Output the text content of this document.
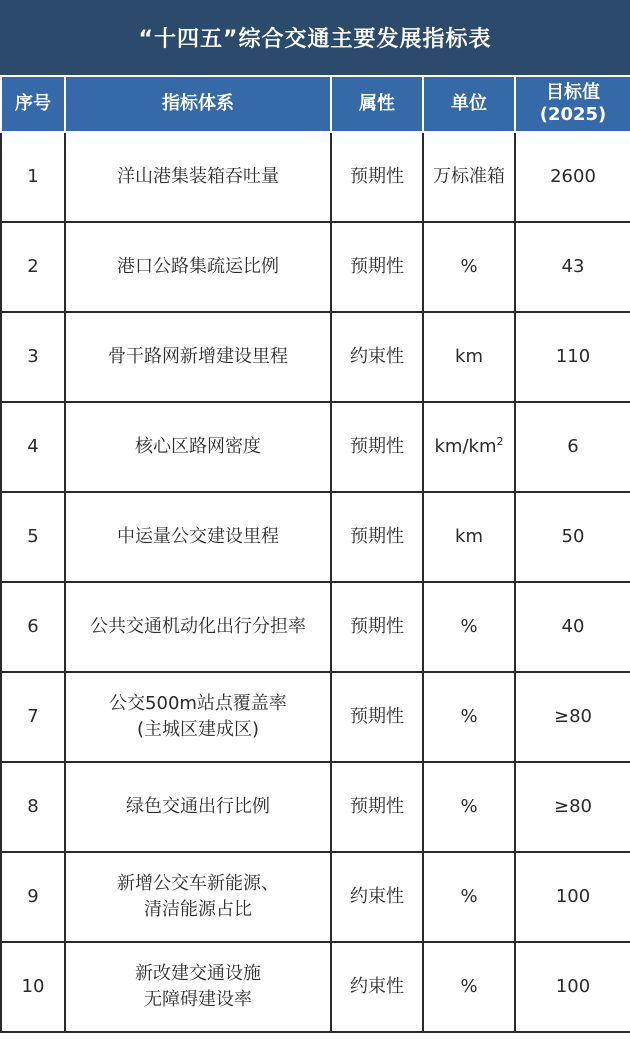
“十四五”综合交通主要发展指标表
序号	指标体系	属性	单位	目标值
(2025)

1	洋山港集装箱吞吐量	预期性	万标准箱	2600
2	港口公路集疏运比例	预期性	%	43
3	骨干路网新增建设里程	约束性	km	110
4	核心区路网密度	预期性	$km/km^2$	6
5	中运量公交建设里程	预期性	km	50
6	公共交通机动化出行分担率	预期性	%	40
7	公交500m站点覆盖率
(主城区建成区)	预期性	%	≥80
8	绿色交通出行比例	预期性	%	≥80
9	新增公交车新能源、
清洁能源占比	约束性	%	100
10	新改建交通设施
无障碍建设率	约束性	%	100
